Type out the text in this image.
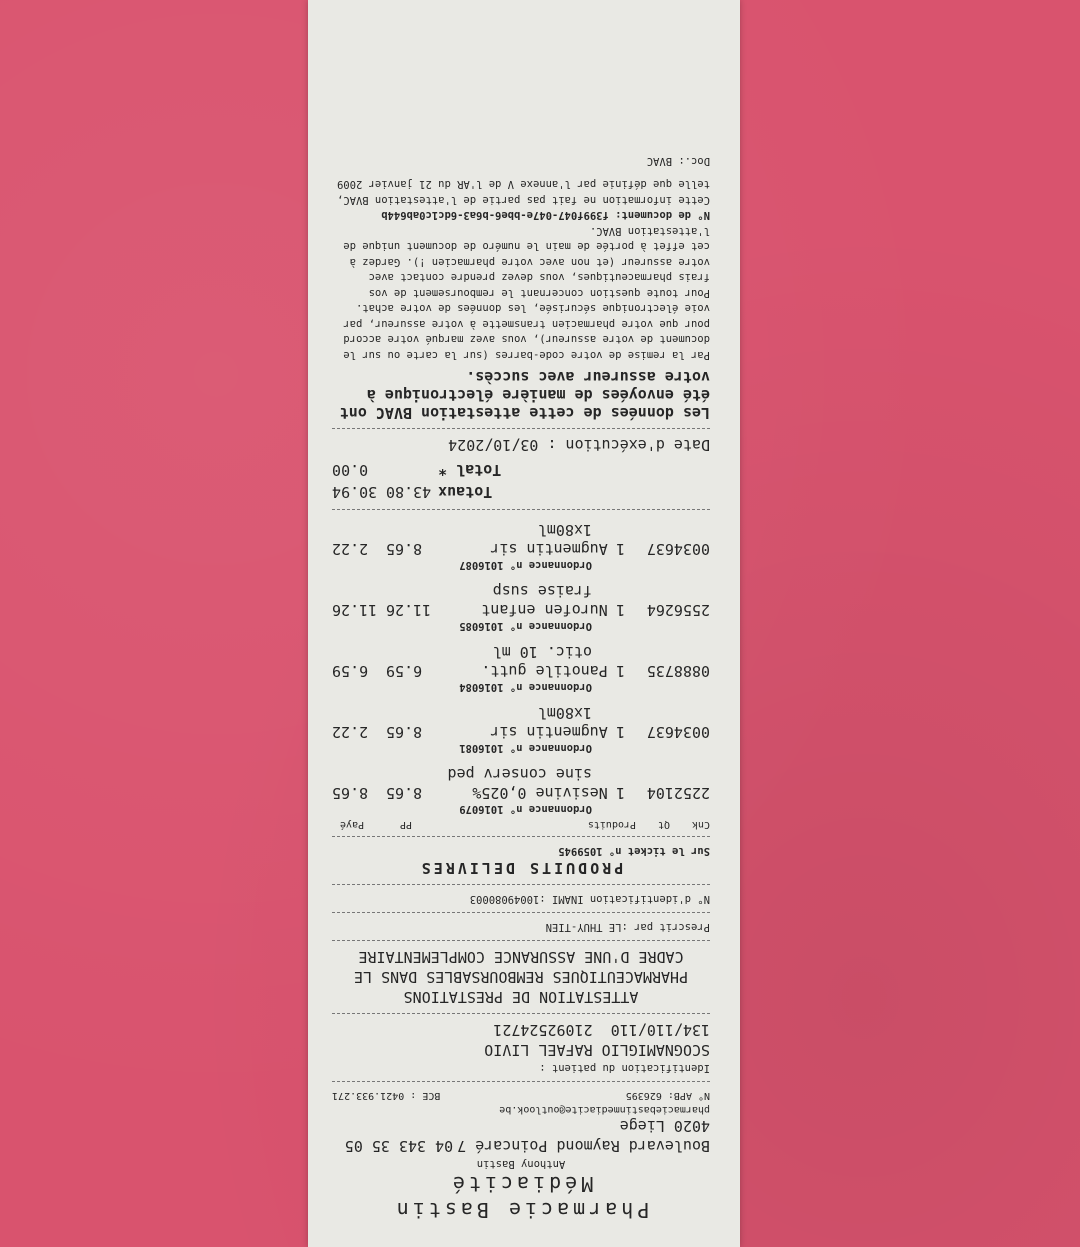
Pharmacie Bastin
Médiacité
Anthony Bastin
Boulevard Raymond Poincaré 7
04 343 35 05
4020 Liege
pharmaciebastinmediacite@outlook.be
N° APB: 626395
BCE : 0421.933.271
Identification du patient :
SCOGNAMIGLIO RAFAEL LIVIO
134/110/110  21092524721
ATTESTATION DE PRESTATIONS
PHARMACEUTIQUES REMBOURSABLES DANS LE
CADRE D'UNE ASSURANCE COMPLEMENTAIRE
Prescrit par :LE THUY-TIEN
N° d'identification INAMI :10049080003
PRODUITS DELIVRES
Sur le ticket n° 1059945
Cnk
Qt
Produits
PP
Payé
Ordonnance n° 1016079
2252104
1
Nesivine 0,025%
8.65
8.65
sine conserv ped
Ordonnance n° 1016081
0034637
1
Augmentin sir
8.65
2.22
1x80ml
Ordonnance n° 1016084
0888735
1
Panotile gutt.
6.59
6.59
otic. 10 ml
Ordonnance n° 1016085
2556264
1
Nurofen enfant
11.26
11.26
fraise susp
Ordonnance n° 1016087
0034637
1
Augmentin sir
8.65
2.22
1x80ml
Totaux
43.80
30.94
Total *
0.00
Date d'exécution : 03/10/2024
Les données de cette attestation BVAC ont été envoyées de manière électronique à votre assureur avec succès.
Par la remise de votre code-barres (sur la carte ou sur le document de votre assureur), vous avez marqué votre accord pour que votre pharmacien transmette à votre assureur, par voie électronique sécurisée, les données de votre achat.
Pour toute question concernant le remboursement de vos frais pharmaceutiques, vous devez prendre contact avec votre assureur (et non avec votre pharmacien !). Gardez à cet effet à portée de main le numéro de document unique de l'attestation BVAC.
N° de document: f399f047-047e-bbe6-b6a3-6dc1c0ab644b
Cette information ne fait pas partie de l'attestation BVAC, telle que définie par l'annexe V de l'AR du 21 janvier 2009
Doc.: BVAC
